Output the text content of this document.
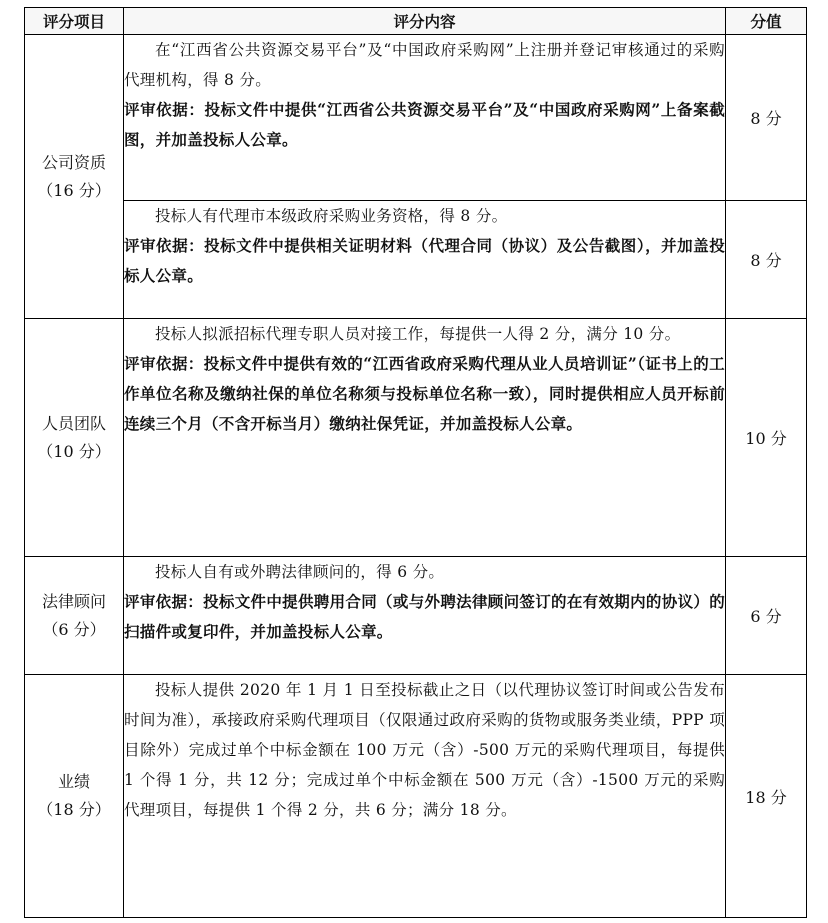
评分项目	评分内容	分值

公司资质
（16 分）	在“江西省公共资源交易平台”及“中国政府采购网”上注册并登记审核通过的采购代理机构，得 8 分。
评审依据：投标文件中提供“江西省公共资源交易平台”及“中国政府采购网”上备案截图，并加盖投标人公章。	8 分

	投标人有代理市本级政府采购业务资格，得 8 分。
评审依据：投标文件中提供相关证明材料（代理合同（协议）及公告截图），并加盖投标人公章。	8 分

人员团队
（10 分）	投标人拟派招标代理专职人员对接工作，每提供一人得 2 分，满分 10 分。
评审依据：投标文件中提供有效的“江西省政府采购代理从业人员培训证”（证书上的工作单位名称及缴纳社保的单位名称须与投标单位名称一致），同时提供相应人员开标前连续三个月（不含开标当月）缴纳社保凭证，并加盖投标人公章。	10 分

法律顾问
（6 分）	投标人自有或外聘法律顾问的，得 6 分。
评审依据：投标文件中提供聘用合同（或与外聘法律顾问签订的在有效期内的协议）的扫描件或复印件，并加盖投标人公章。	6 分

业绩
（18 分）	投标人提供 2020 年 1 月 1 日至投标截止之日（以代理协议签订时间或公告发布时间为准），承接政府采购代理项目（仅限通过政府采购的货物或服务类业绩，PPP 项目除外）完成过单个中标金额在 100 万元（含）-500 万元的采购代理项目，每提供 1 个得 1 分，共 12 分；完成过单个中标金额在 500 万元（含）-1500 万元的采购代理项目，每提供 1 个得 2 分，共 6 分；满分 18 分。	18 分
